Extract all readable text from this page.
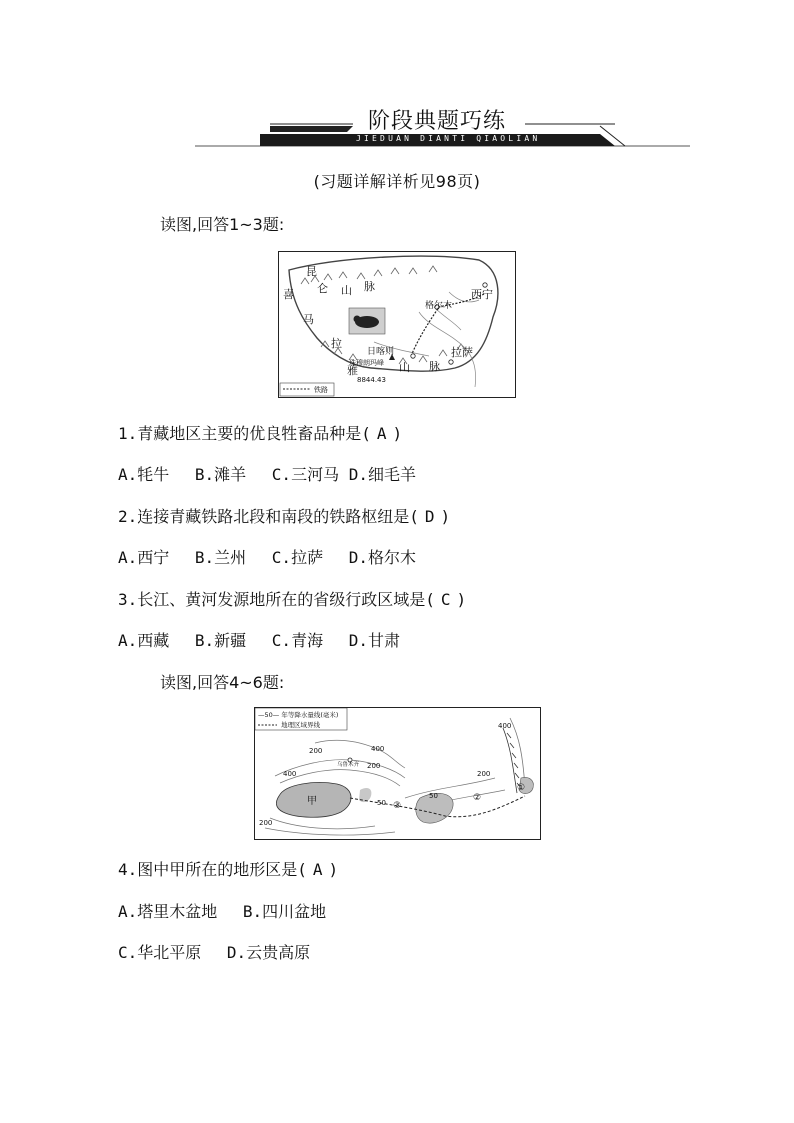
阶段典题巧练
JIEDUAN DIANTI QIAOLIAN
(习题详解详析见98页)
读图,回答1~3题:
昆
仑 山 脉
喜
马
拉
雅	山 脉
西宁
拉萨
格尔木
日喀则
珠穆朗玛峰
8844.43
铁路
1.青藏地区主要的优良牲畜品种是( A )
A.牦牛　 B.滩羊　 C.三河马 D.细毛羊
2.连接青藏铁路北段和南段的铁路枢纽是( D )
A.西宁　 B.兰州　 C.拉萨　 D.格尔木
3.长江、黄河发源地所在的省级行政区域是( C )
A.西藏　 B.新疆　 C.青海　 D.甘肃
读图,回答4~6题:
—50— 年等降水量线(毫米)
地理区域界线
甲
乌鲁木齐
200	400
400
200
50
50
200
400
200
①
②
③
4.图中甲所在的地形区是( A )
A.塔里木盆地　 B.四川盆地
C.华北平原　 D.云贵高原
